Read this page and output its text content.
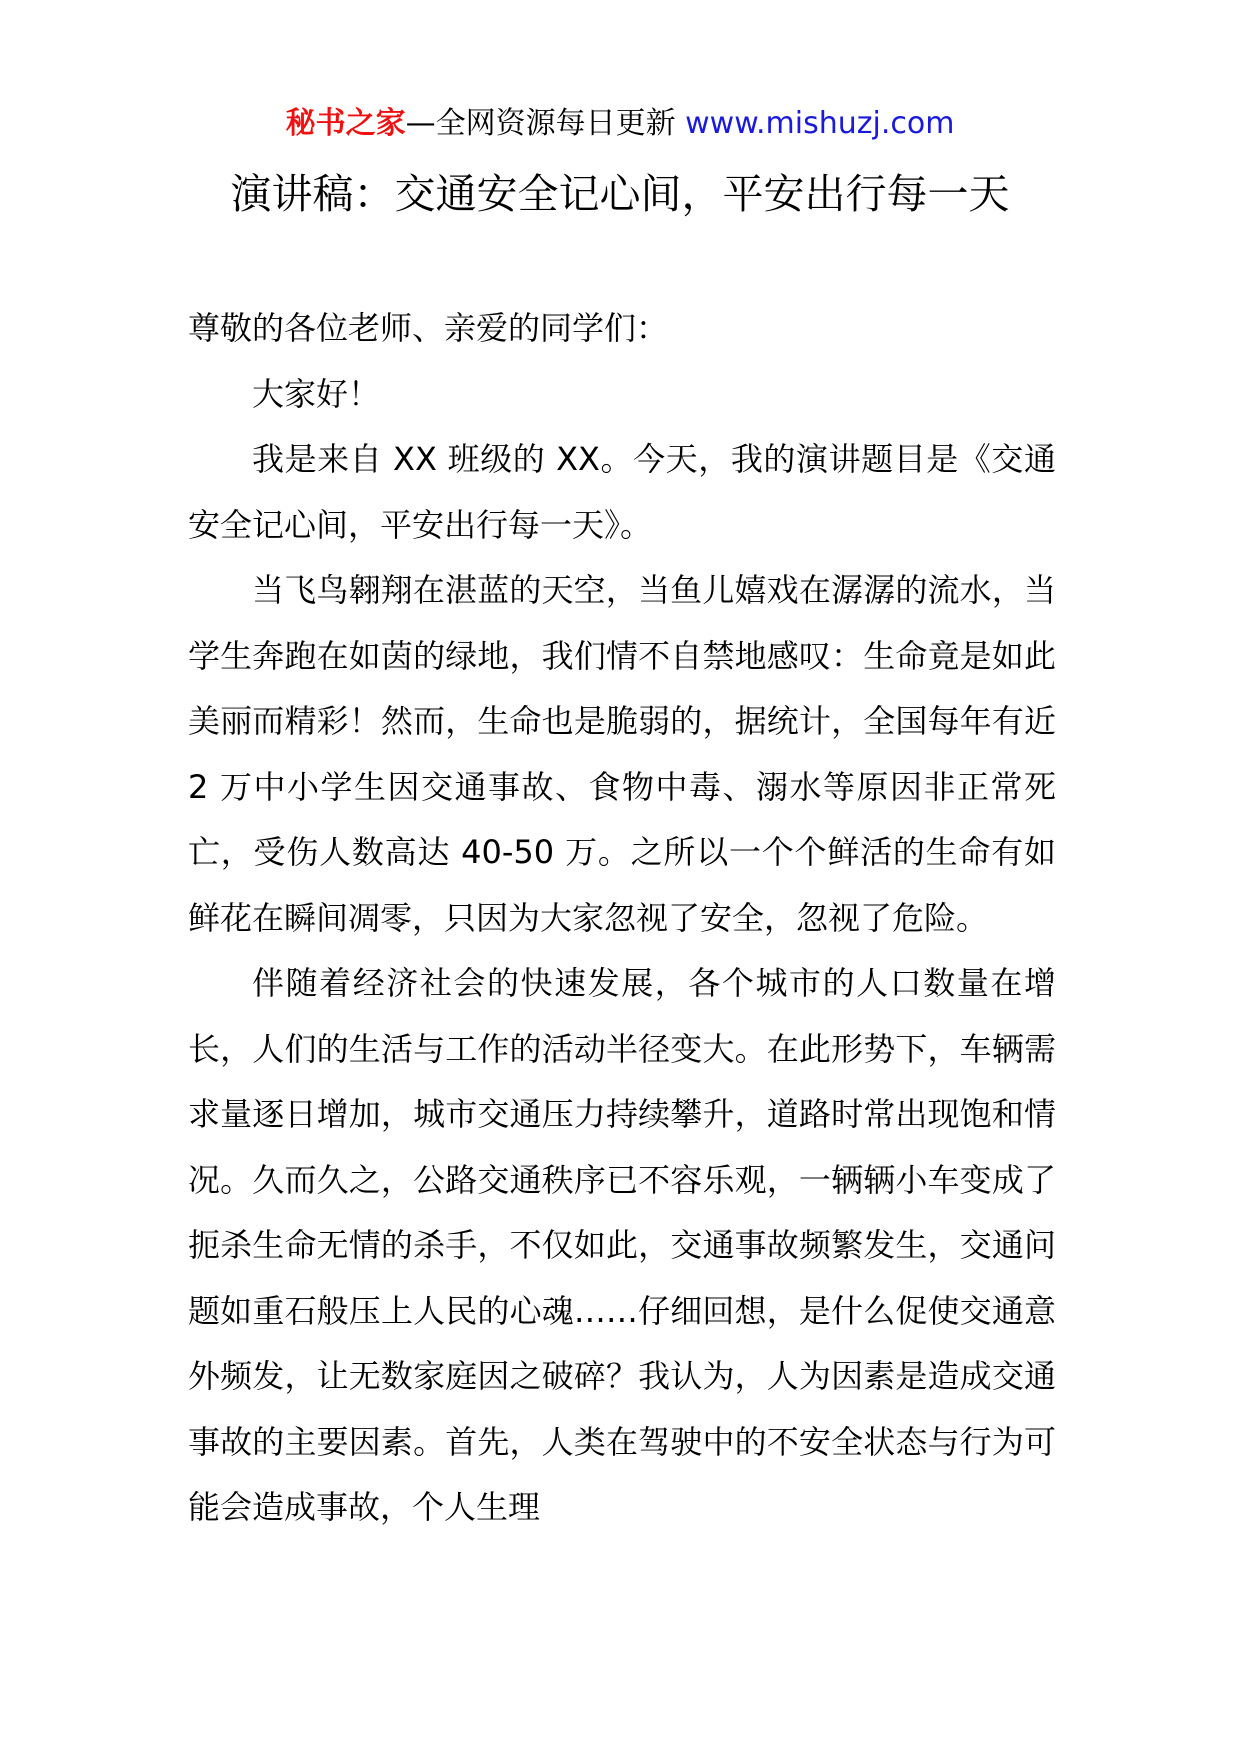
秘书之家—全网资源每日更新 www.mishuzj.com
演讲稿：交通安全记心间，平安出行每一天

尊敬的各位老师、亲爱的同学们：

大家好！

我是来自 XX 班级的 XX。今天，我的演讲题目是《交通安全记心间，平安出行每一天》。

当飞鸟翱翔在湛蓝的天空，当鱼儿嬉戏在潺潺的流水，当学生奔跑在如茵的绿地，我们情不自禁地感叹：生命竟是如此美丽而精彩！然而，生命也是脆弱的，据统计，全国每年有近 2 万中小学生因交通事故、食物中毒、溺水等原因非正常死亡，受伤人数高达 40-50 万。之所以一个个鲜活的生命有如鲜花在瞬间凋零，只因为大家忽视了安全，忽视了危险。

伴随着经济社会的快速发展，各个城市的人口数量在增长，人们的生活与工作的活动半径变大。在此形势下，车辆需求量逐日增加，城市交通压力持续攀升，道路时常出现饱和情况。久而久之，公路交通秩序已不容乐观，一辆辆小车变成了扼杀生命无情的杀手，不仅如此，交通事故频繁发生，交通问题如重石般压上人民的心魂……仔细回想，是什么促使交通意外频发，让无数家庭因之破碎？我认为，人为因素是造成交通事故的主要因素。首先，人类在驾驶中的不安全状态与行为可能会造成事故，个人生理
